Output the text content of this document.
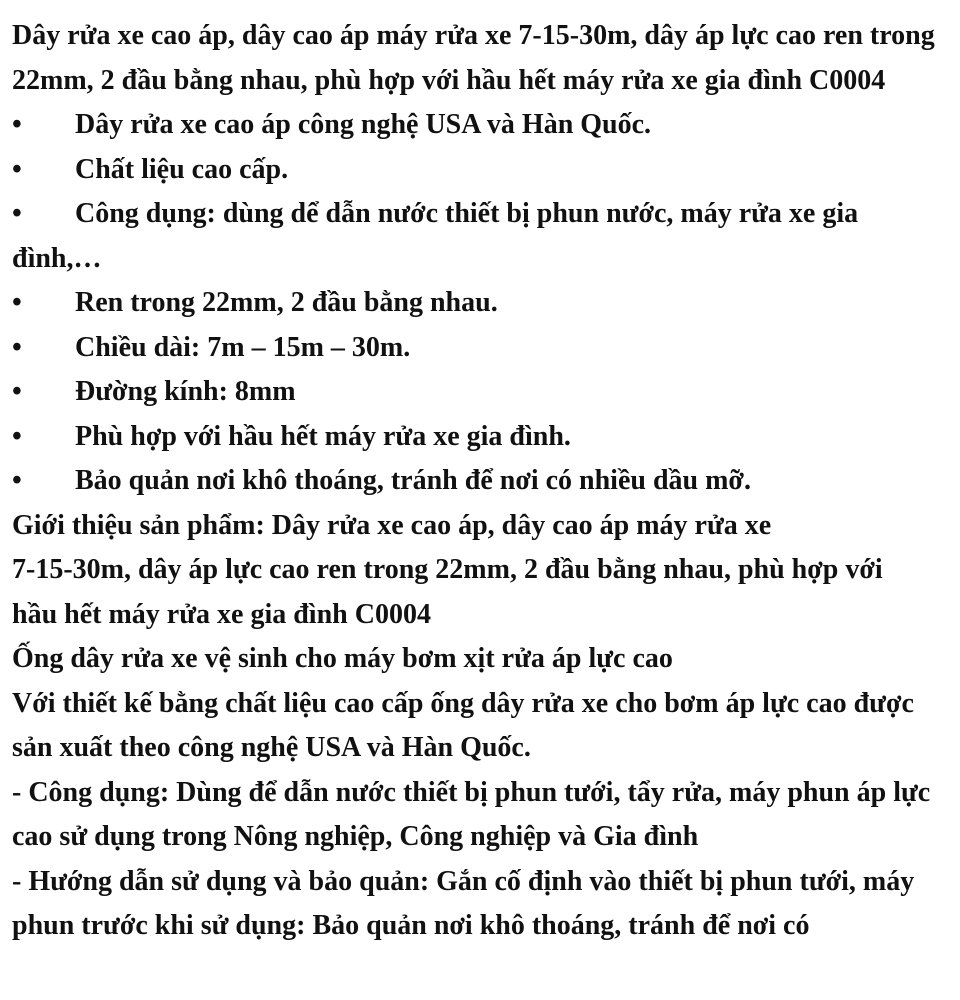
Dây rửa xe cao áp, dây cao áp máy rửa xe 7-15-30m, dây áp lực cao ren trong 22mm, 2 đầu bằng nhau, phù hợp với hầu hết máy rửa xe gia đình C0004

•	Dây rửa xe cao áp công nghệ USA và Hàn Quốc.
•	Chất liệu cao cấp.

• Công dụng: dùng dể dẫn nước thiết bị phun nước, máy rửa xe gia đình,…

•	Ren trong 22mm, 2 đầu bằng nhau.
•	Chiều dài: 7m – 15m – 30m.
•	Đường kính: 8mm
•	Phù hợp với hầu hết máy rửa xe gia đình.
•	Bảo quản nơi khô thoáng, tránh để nơi có nhiều dầu mỡ.
Giới thiệu sản phẩm: Dây rửa xe cao áp, dây cao áp máy rửa xe
7-15-30m, dây áp lực cao ren trong 22mm, 2 đầu bằng nhau, phù hợp với
hầu hết máy rửa xe gia đình C0004

Ống dây rửa xe vệ sinh cho máy bơm xịt rửa áp lực cao

Với thiết kế bằng chất liệu cao cấp ống dây rửa xe cho bơm áp lực cao được sản xuất theo công nghệ USA và Hàn Quốc.

- Công dụng: Dùng để dẫn nước thiết bị phun tưới, tẩy rửa, máy phun áp lực cao sử dụng trong Nông nghiệp, Công nghiệp và Gia đình

- Hướng dẫn sử dụng và bảo quản: Gắn cố định vào thiết bị phun tưới, máy phun trước khi sử dụng: Bảo quản nơi khô thoáng, tránh để nơi có
